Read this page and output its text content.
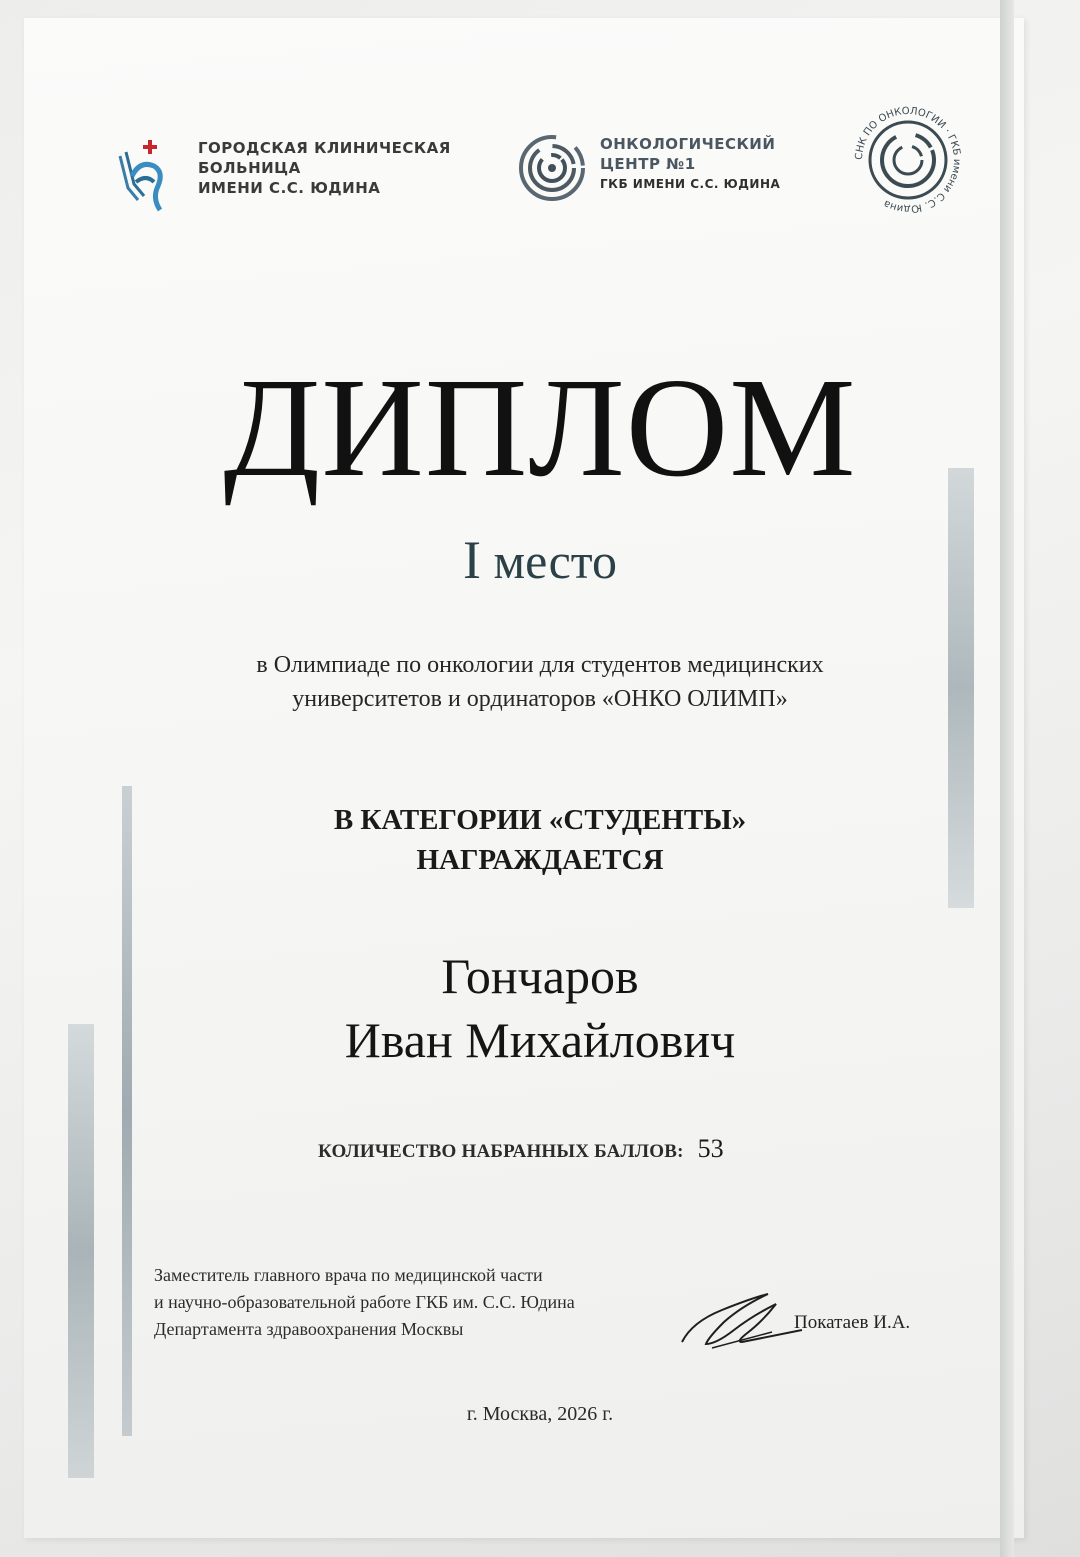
ГОРОДСКАЯ КЛИНИЧЕСКАЯ
БОЛЬНИЦА
ИМЕНИ С.С. ЮДИНА
ОНКОЛОГИЧЕСКИЙ
ЦЕНТР №1
ГКБ ИМЕНИ С.С. ЮДИНА
СНК ПО ОНКОЛОГИИ · ГКБ имени С.С. Юдина
ДИПЛОМ
I место
в Олимпиаде по онкологии для студентов медицинских
университетов и ординаторов «ОНКО ОЛИМП»
В КАТЕГОРИИ «СТУДЕНТЫ»
НАГРАЖДАЕТСЯ
Гончаров
Иван Михайлович
КОЛИЧЕСТВО НАБРАННЫХ БАЛЛОВ: 53
Заместитель главного врача по медицинской части
и научно-образовательной работе ГКБ им. С.С. Юдина
Департамента здравоохранения Москвы	Покатаев И.А.
г. Москва, 2026 г.
